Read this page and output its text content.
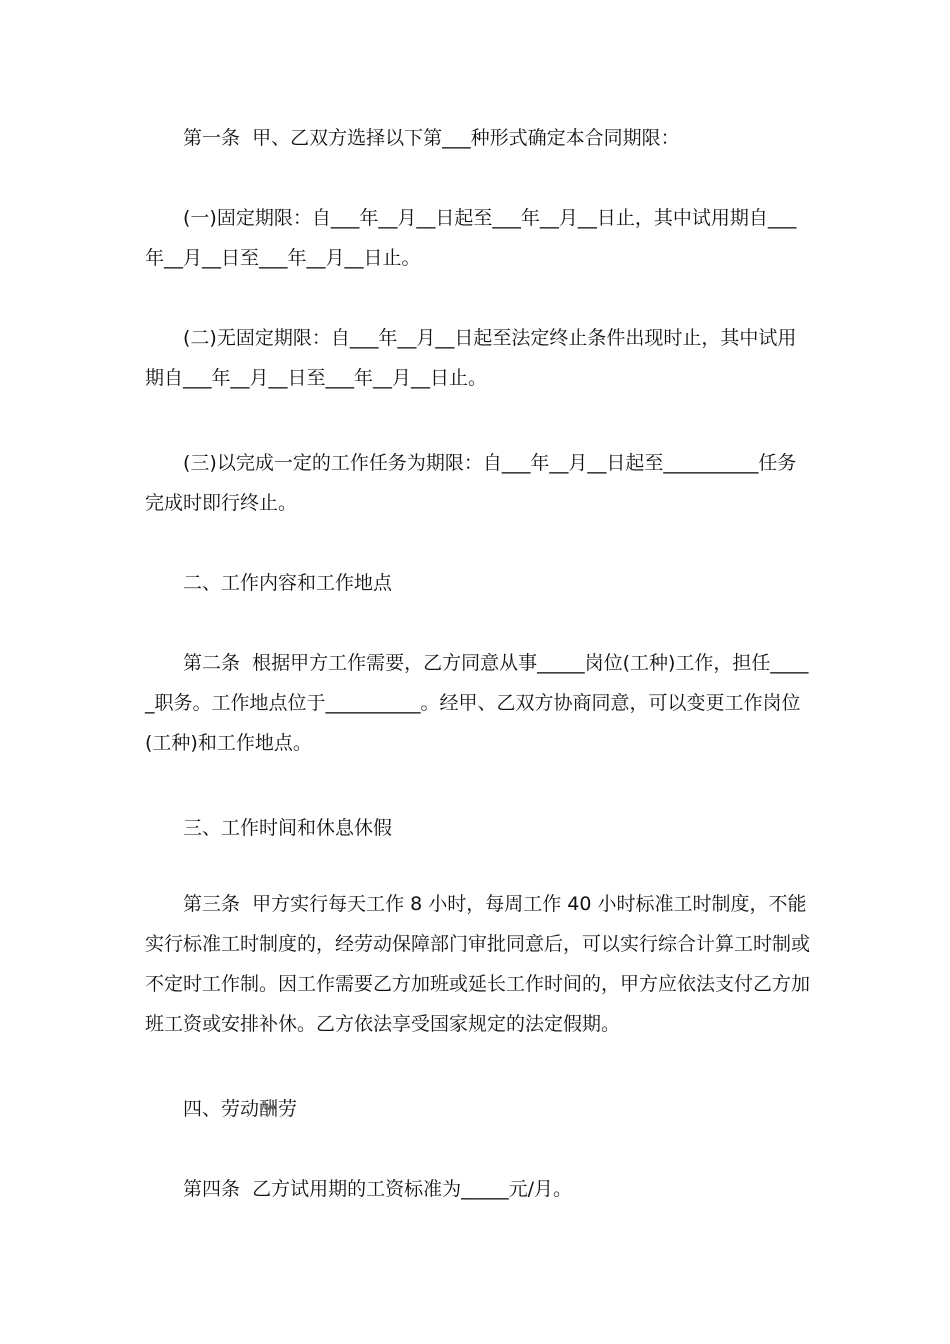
第一条  甲、乙双方选择以下第___种形式确定本合同期限：

(一)固定期限：自___年__月__日起至___年__月__日止，其中试用期自___年__月__日至___年__月__日止。

(二)无固定期限：自___年__月__日起至法定终止条件出现时止，其中试用期自___年__月__日至___年__月__日止。

(三)以完成一定的工作任务为期限：自___年__月__日起至__________任务完成时即行终止。

二、工作内容和工作地点

第二条  根据甲方工作需要，乙方同意从事_____岗位(工种)工作，担任_____职务。工作地点位于__________。经甲、乙双方协商同意，可以变更工作岗位(工种)和工作地点。

三、工作时间和休息休假

第三条  甲方实行每天工作 8 小时，每周工作 40 小时标准工时制度，不能实行标准工时制度的，经劳动保障部门审批同意后，可以实行综合计算工时制或不定时工作制。因工作需要乙方加班或延长工作时间的，甲方应依法支付乙方加班工资或安排补休。乙方依法享受国家规定的法定假期。

四、劳动酬劳

第四条  乙方试用期的工资标准为_____元/月。
